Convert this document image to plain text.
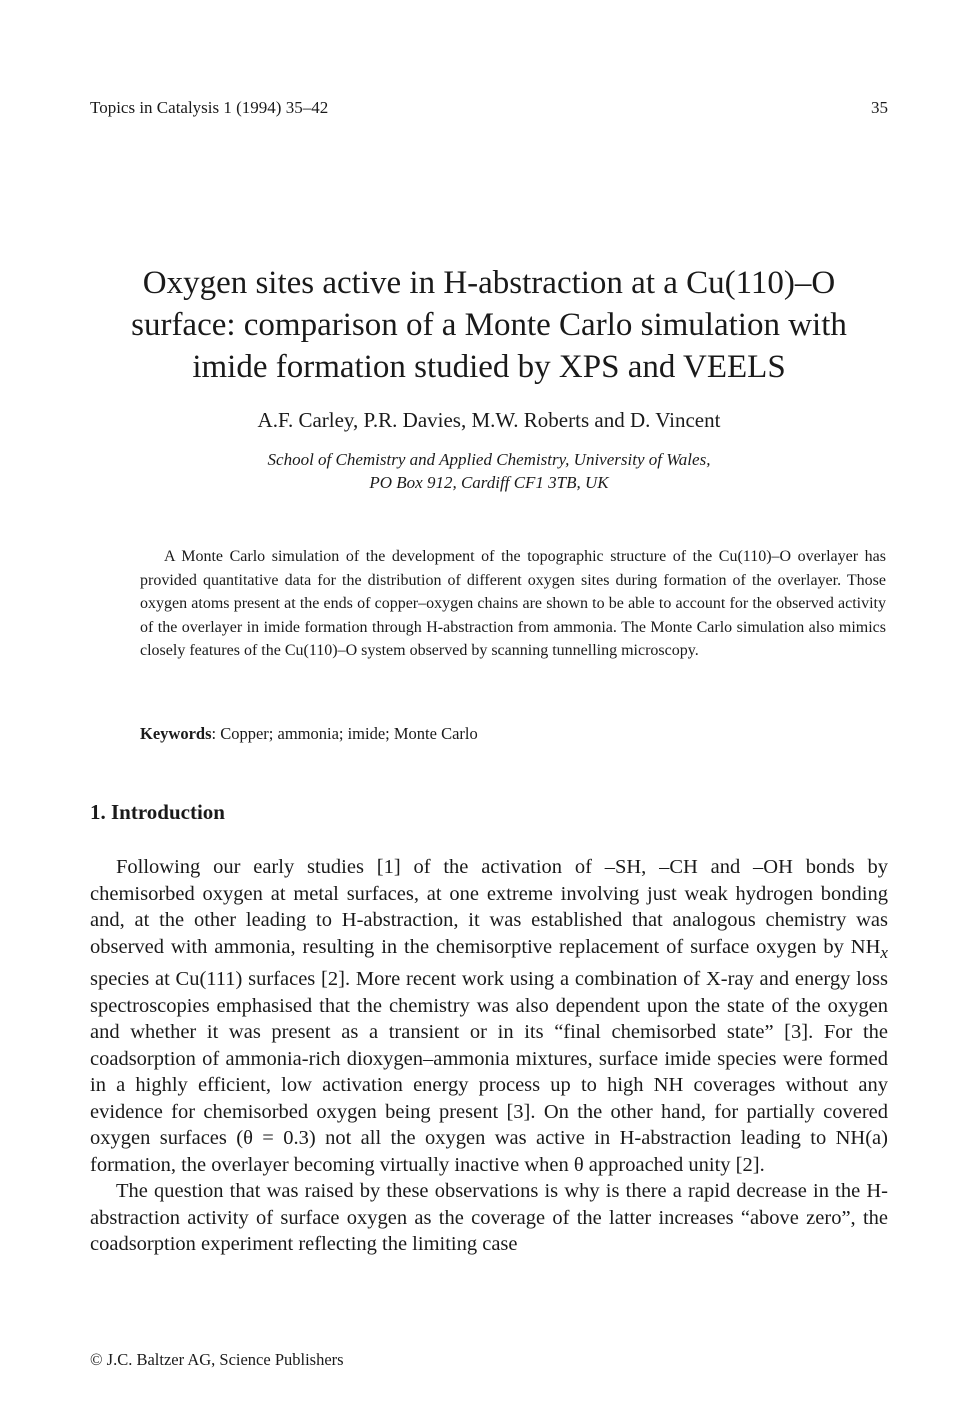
Topics in Catalysis 1 (1994) 35–42	35
Oxygen sites active in H-abstraction at a Cu(110)–O
surface: comparison of a Monte Carlo simulation with
imide formation studied by XPS and VEELS
A.F. Carley, P.R. Davies, M.W. Roberts and D. Vincent
School of Chemistry and Applied Chemistry, University of Wales,
PO Box 912, Cardiff CF1 3TB, UK

A Monte Carlo simulation of the development of the topographic structure of the Cu(110)–O overlayer has provided quantitative data for the distribution of different oxygen sites during formation of the overlayer. Those oxygen atoms present at the ends of copper–oxygen chains are shown to be able to account for the observed activity of the overlayer in imide formation through H-abstraction from ammonia. The Monte Carlo simulation also mimics closely features of the Cu(110)–O system observed by scanning tunnelling microscopy.

Keywords: Copper; ammonia; imide; Monte Carlo
1. Introduction

Following our early studies [1] of the activation of –SH, –CH and –OH bonds by chemisorbed oxygen at metal surfaces, at one extreme involving just weak hydrogen bonding and, at the other leading to H-abstraction, it was established that analogous chemistry was observed with ammonia, resulting in the chemisorptive replacement of surface oxygen by $NH_x$ species at Cu(111) surfaces [2]. More recent work using a combination of X-ray and energy loss spectroscopies emphasised that the chemistry was also dependent upon the state of the oxygen and whether it was present as a transient or in its “final chemisorbed state” [3]. For the coadsorption of ammonia-rich dioxygen–ammonia mixtures, surface imide species were formed in a highly efficient, low activation energy process up to high NH coverages without any evidence for chemisorbed oxygen being present [3]. On the other hand, for partially covered oxygen surfaces (θ = 0.3) not all the oxygen was active in H-abstraction leading to NH(a) formation, the overlayer becoming virtually inactive when θ approached unity [2].

The question that was raised by these observations is why is there a rapid decrease in the H-abstraction activity of surface oxygen as the coverage of the latter increases “above zero”, the coadsorption experiment reflecting the limiting case

© J.C. Baltzer AG, Science Publishers
